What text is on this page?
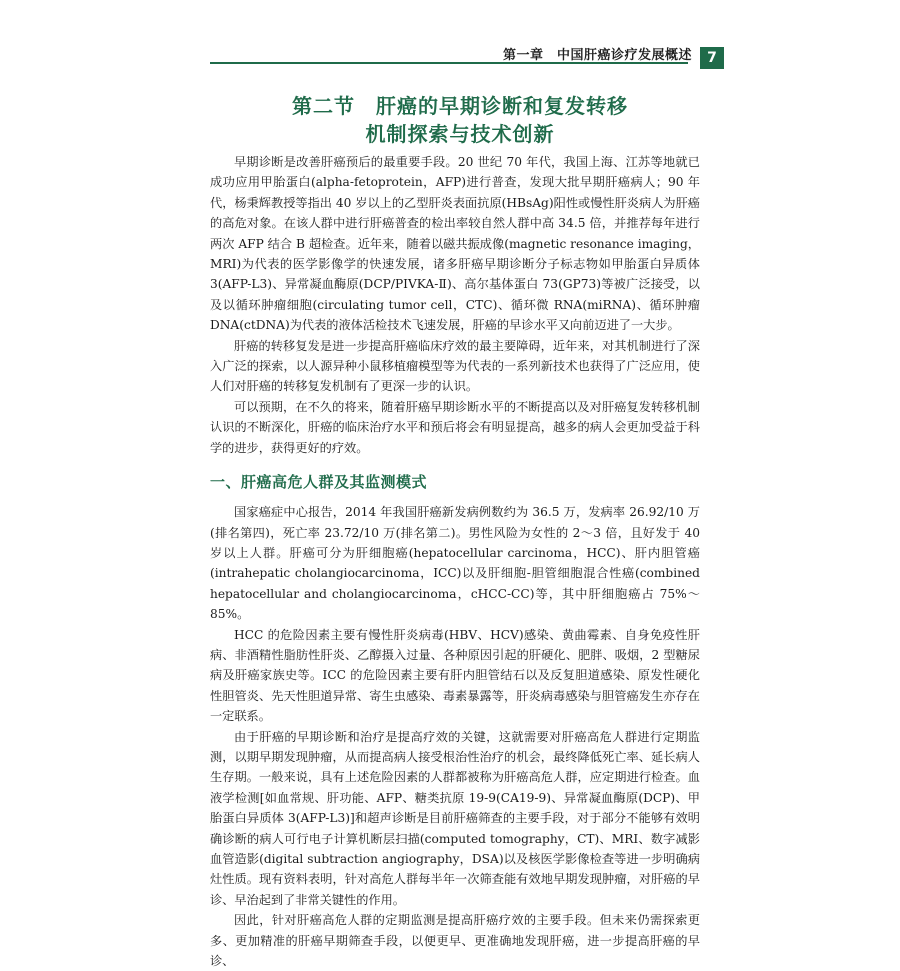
第一章　中国肝癌诊疗发展概述	7
第二节　肝癌的早期诊断和复发转移
机制探索与技术创新

早期诊断是改善肝癌预后的最重要手段。20 世纪 70 年代，我国上海、江苏等地就已成功应用甲胎蛋白(alpha-fetoprotein，AFP)进行普查，发现大批早期肝癌病人；90 年代，杨秉辉教授等指出 40 岁以上的乙型肝炎表面抗原(HBsAg)阳性或慢性肝炎病人为肝癌的高危对象。在该人群中进行肝癌普查的检出率较自然人群中高 34.5 倍，并推荐每年进行两次 AFP 结合 B 超检查。近年来，随着以磁共振成像(magnetic resonance imaging，MRI)为代表的医学影像学的快速发展，诸多肝癌早期诊断分子标志物如甲胎蛋白异质体 3(AFP-L3)、异常凝血酶原(DCP/PIVKA-Ⅱ)、高尔基体蛋白 73(GP73)等被广泛接受，以及以循环肿瘤细胞(circulating tumor cell，CTC)、循环微 RNA(miRNA)、循环肿瘤 DNA(ctDNA)为代表的液体活检技术飞速发展，肝癌的早诊水平又向前迈进了一大步。

肝癌的转移复发是进一步提高肝癌临床疗效的最主要障碍，近年来，对其机制进行了深入广泛的探索，以人源异种小鼠移植瘤模型等为代表的一系列新技术也获得了广泛应用，使人们对肝癌的转移复发机制有了更深一步的认识。

可以预期，在不久的将来，随着肝癌早期诊断水平的不断提高以及对肝癌复发转移机制认识的不断深化，肝癌的临床治疗水平和预后将会有明显提高，越多的病人会更加受益于科学的进步，获得更好的疗效。

一、肝癌高危人群及其监测模式

国家癌症中心报告，2014 年我国肝癌新发病例数约为 36.5 万，发病率 26.92/10 万(排名第四)，死亡率 23.72/10 万(排名第二)。男性风险为女性的 2～3 倍，且好发于 40 岁以上人群。肝癌可分为肝细胞癌(hepatocellular carcinoma，HCC)、肝内胆管癌(intrahepatic cholangiocarcinoma，ICC)以及肝细胞-胆管细胞混合性癌(combined hepatocellular and cholangiocarcinoma，cHCC-CC)等，其中肝细胞癌占 75%～85%。

HCC 的危险因素主要有慢性肝炎病毒(HBV、HCV)感染、黄曲霉素、自身免疫性肝病、非酒精性脂肪性肝炎、乙醇摄入过量、各种原因引起的肝硬化、肥胖、吸烟，2 型糖尿病及肝癌家族史等。ICC 的危险因素主要有肝内胆管结石以及反复胆道感染、原发性硬化性胆管炎、先天性胆道异常、寄生虫感染、毒素暴露等，肝炎病毒感染与胆管癌发生亦存在一定联系。

由于肝癌的早期诊断和治疗是提高疗效的关键，这就需要对肝癌高危人群进行定期监测，以期早期发现肿瘤，从而提高病人接受根治性治疗的机会，最终降低死亡率、延长病人生存期。一般来说，具有上述危险因素的人群都被称为肝癌高危人群，应定期进行检查。血液学检测[如血常规、肝功能、AFP、糖类抗原 19-9(CA19-9)、异常凝血酶原(DCP)、甲胎蛋白异质体 3(AFP-L3)]和超声诊断是目前肝癌筛查的主要手段，对于部分不能够有效明确诊断的病人可行电子计算机断层扫描(computed tomography，CT)、MRI、数字减影血管造影(digital subtraction angiography，DSA)以及核医学影像检查等进一步明确病灶性质。现有资料表明，针对高危人群每半年一次筛查能有效地早期发现肿瘤，对肝癌的早诊、早治起到了非常关键性的作用。

因此，针对肝癌高危人群的定期监测是提高肝癌疗效的主要手段。但未来仍需探索更多、更加精准的肝癌早期筛查手段，以便更早、更准确地发现肝癌，进一步提高肝癌的早诊、
